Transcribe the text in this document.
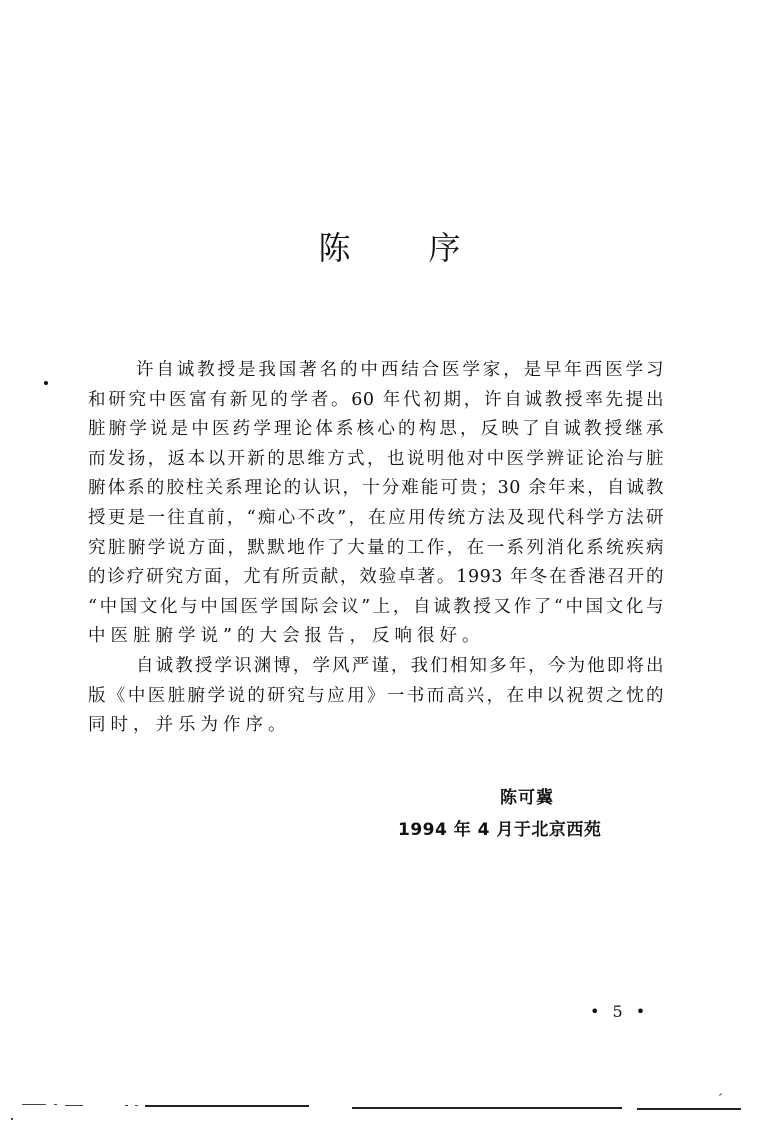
陈 序
许自诚教授是我国著名的中西结合医学家，是早年西医学习
和研究中医富有新见的学者。60 年代初期，许自诚教授率先提出
脏腑学说是中医药学理论体系核心的构思，反映了自诚教授继承
而发扬，返本以开新的思维方式，也说明他对中医学辨证论治与脏
腑体系的胶柱关系理论的认识，十分难能可贵；30 余年来，自诚教
授更是一往直前，“痴心不改”，在应用传统方法及现代科学方法研
究脏腑学说方面，默默地作了大量的工作，在一系列消化系统疾病
的诊疗研究方面，尤有所贡献，效验卓著。1993 年冬在香港召开的
“中国文化与中国医学国际会议”上，自诚教授又作了“中国文化与
中医脏腑学说”的大会报告，反响很好。
自诚教授学识渊博，学风严谨，我们相知多年，今为他即将出
版《中医脏腑学说的研究与应用》一书而高兴，在申以祝贺之忱的
同时，并乐为作序。
陈可冀
1994 年 4 月于北京西苑
• 5 •
